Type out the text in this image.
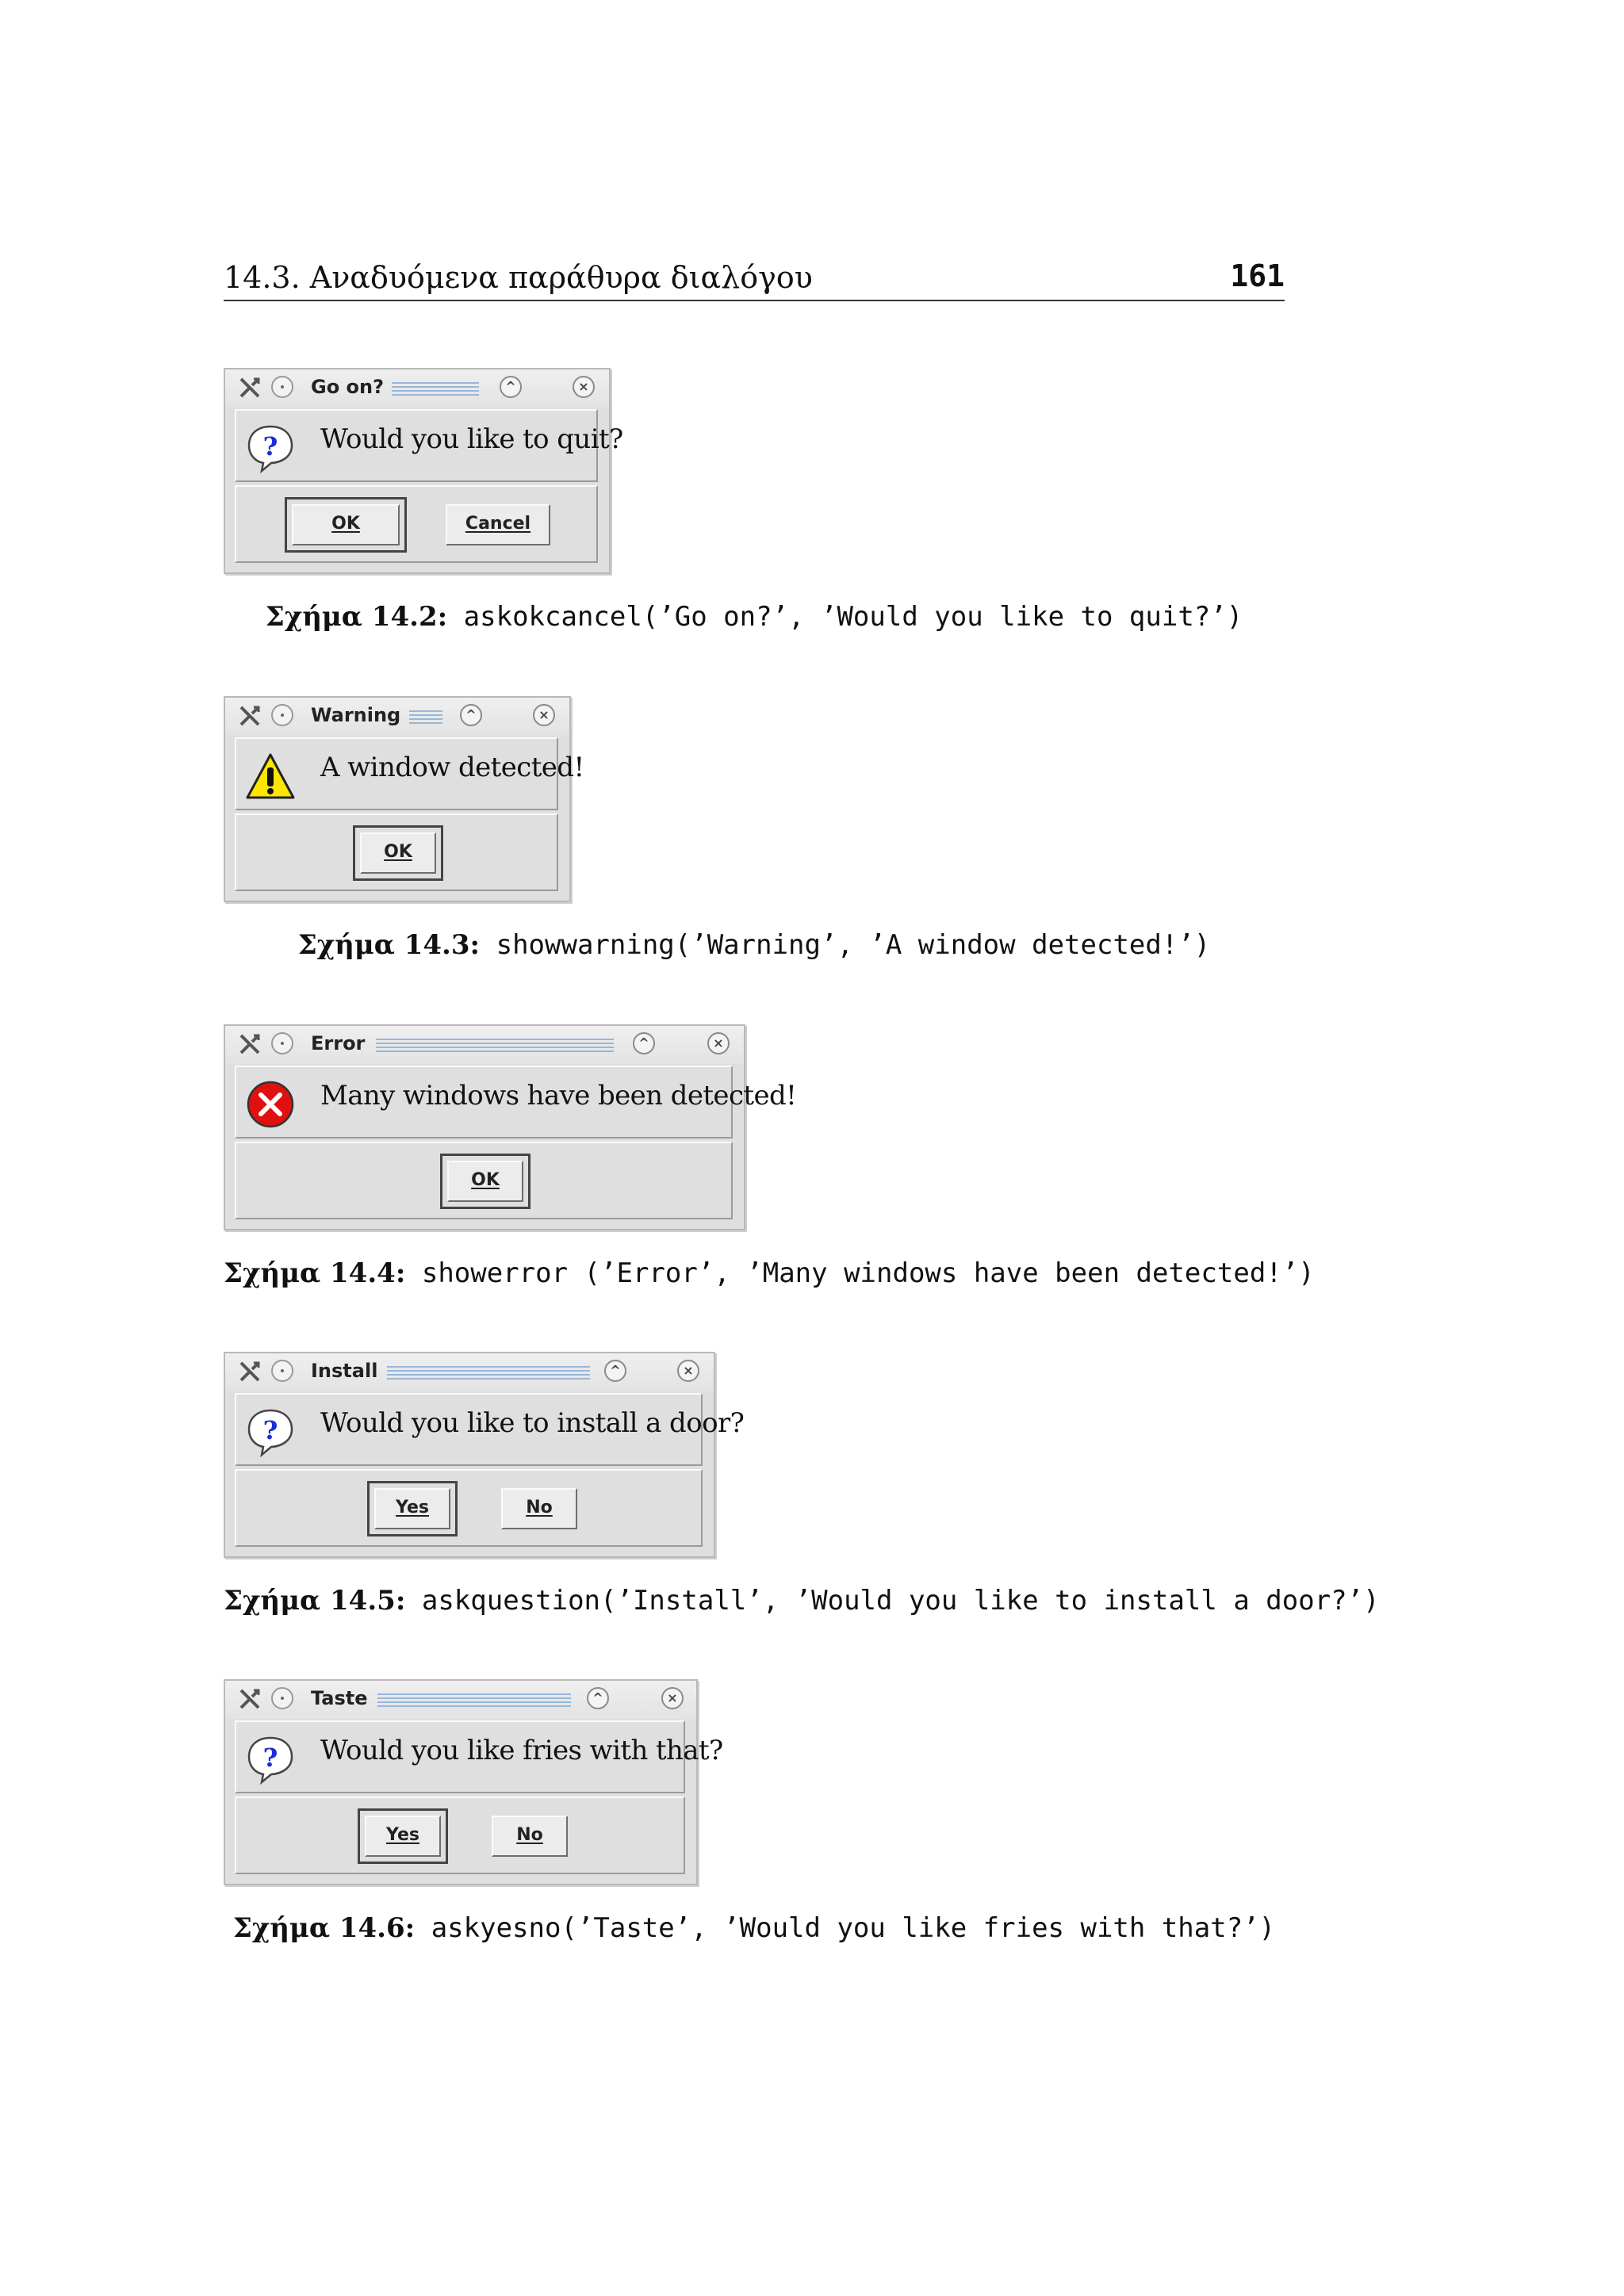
14.3. Αναδυόμενα παράθυρα διαλόγου	161
Go on?	^	×
? Would you like to quit?
OK	Cancel
Σχήμα 14.2: askokcancel(’Go on?’, ’Would you like to quit?’)
Warning	^	×
A window detected!
OK
Σχήμα 14.3: showwarning(’Warning’, ’A window detected!’)
Error	^	×
Many windows have been detected!
OK
Σχήμα 14.4: showerror (’Error’, ’Many windows have been detected!’)
Install	^	×
? Would you like to install a door?
Yes	No
Σχήμα 14.5: askquestion(’Install’, ’Would you like to install a door?’)
Taste	^	×
? Would you like fries with that?
Yes	No
Σχήμα 14.6: askyesno(’Taste’, ’Would you like fries with that?’)
